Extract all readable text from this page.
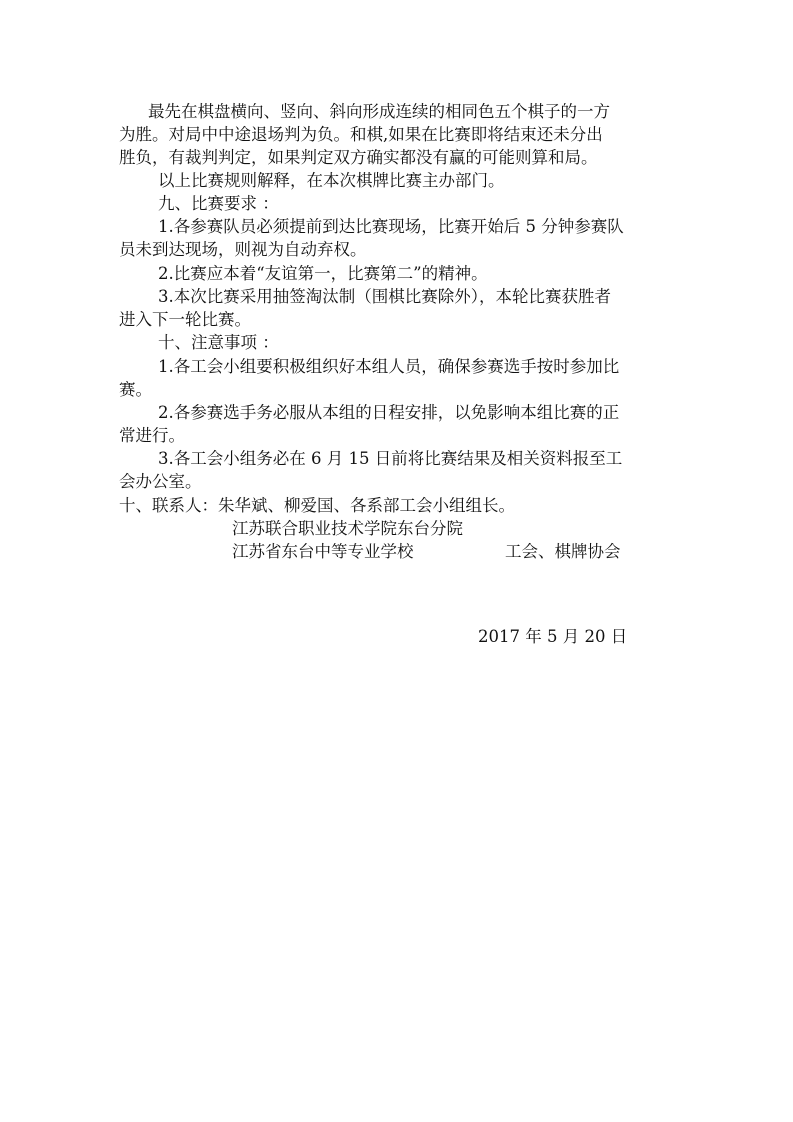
最先在棋盘横向、竖向、斜向形成连续的相同色五个棋子的一方
为胜。对局中中途退场判为负。和棋,如果在比赛即将结束还未分出
胜负，有裁判判定，如果判定双方确实都没有赢的可能则算和局。
以上比赛规则解释，在本次棋牌比赛主办部门。
九、比赛要求 ：
1.各参赛队员必须提前到达比赛现场，比赛开始后 5 分钟参赛队
员未到达现场，则视为自动弃权。
2.比赛应本着“友谊第一，比赛第二”的精神。
3.本次比赛采用抽签淘汰制（围棋比赛除外），本轮比赛获胜者
进入下一轮比赛。
十、注意事项 ：
1.各工会小组要积极组织好本组人员，确保参赛选手按时参加比
赛。
2.各参赛选手务必服从本组的日程安排，以免影响本组比赛的正
常进行。
3.各工会小组务必在 6 月 15 日前将比赛结果及相关资料报至工
会办公室。
十、联系人：朱华斌、柳爱国、各系部工会小组组长。
江苏联合职业技术学院东台分院
江苏省东台中等专业学校	工会、棋牌协会
2017 年 5 月 20 日
